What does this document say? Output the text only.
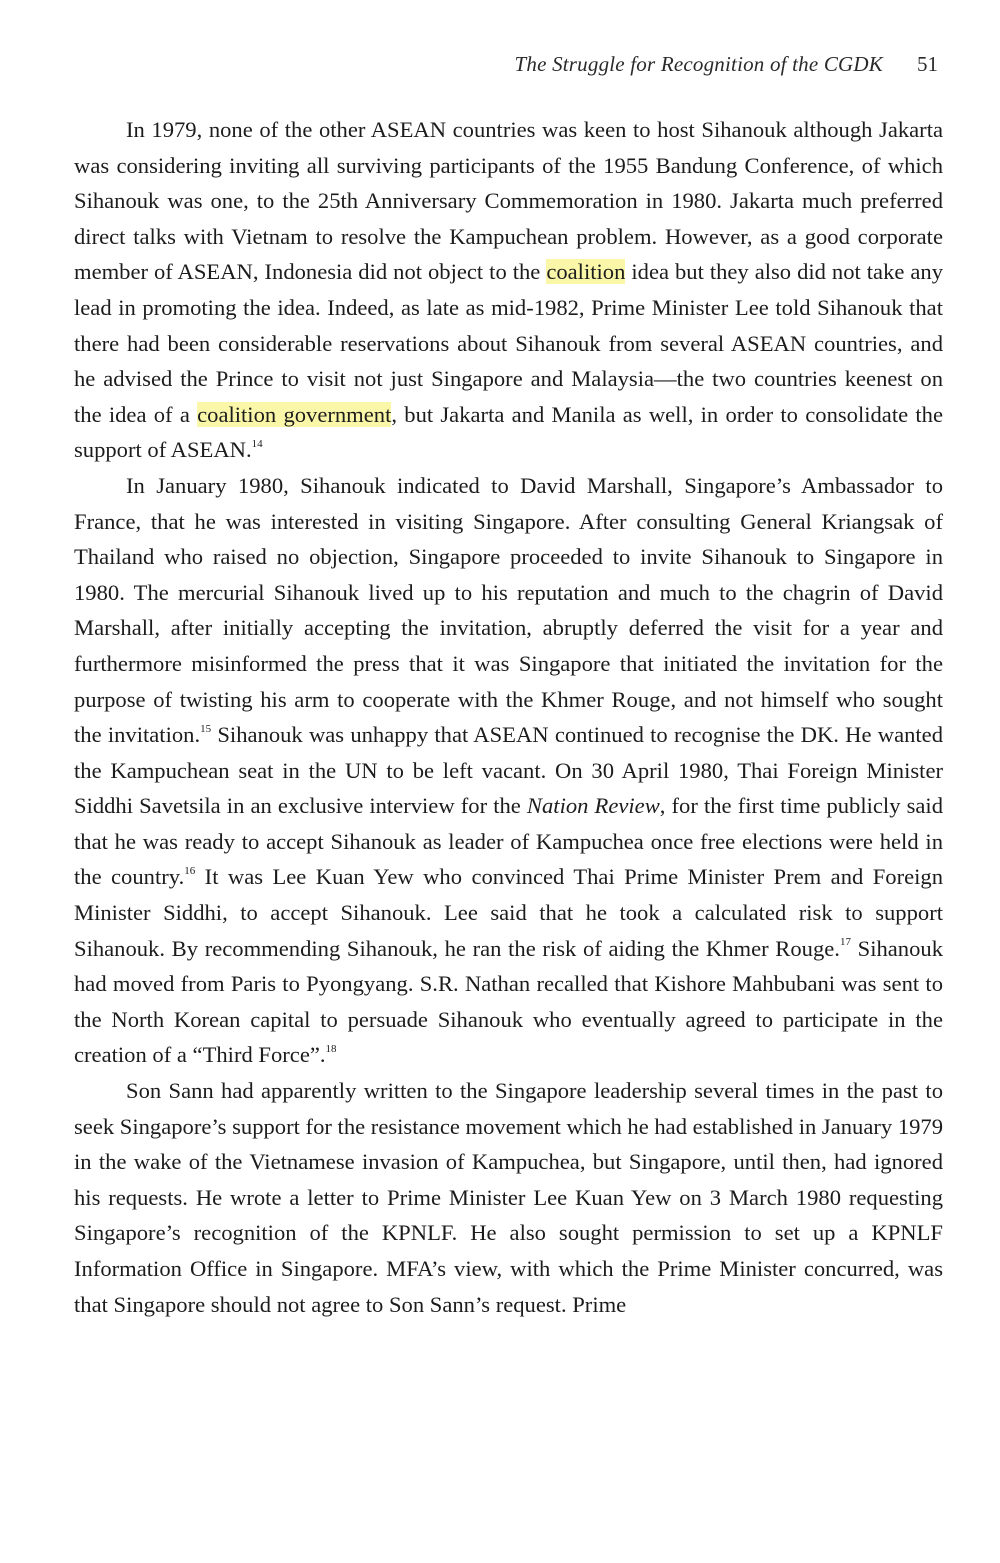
The Struggle for Recognition of the CGDK 51

In 1979, none of the other ASEAN countries was keen to host Sihanouk although Jakarta was considering inviting all surviving participants of the 1955 Bandung Conference, of which Sihanouk was one, to the 25th Anniversary Commemoration in 1980. Jakarta much preferred direct talks with Vietnam to resolve the Kampuchean problem. However, as a good corporate member of ASEAN, Indonesia did not object to the coalition idea but they also did not take any lead in promoting the idea. Indeed, as late as mid-1982, Prime Minister Lee told Sihanouk that there had been considerable reservations about Sihanouk from several ASEAN countries, and he advised the Prince to visit not just Singapore and Malaysia—the two countries keenest on the idea of a coalition government, but Jakarta and Manila as well, in order to consolidate the support of ASEAN.$^{14}$

In January 1980, Sihanouk indicated to David Marshall, Singapore’s Ambassador to France, that he was interested in visiting Singapore. After consulting General Kriangsak of Thailand who raised no objection, Singapore proceeded to invite Sihanouk to Singapore in 1980. The mercurial Sihanouk lived up to his reputation and much to the chagrin of David Marshall, after initially accepting the invitation, abruptly deferred the visit for a year and furthermore misinformed the press that it was Singapore that initiated the invitation for the purpose of twisting his arm to cooperate with the Khmer Rouge, and not himself who sought the invitation.$^{15}$ Sihanouk was unhappy that ASEAN continued to recognise the DK. He wanted the Kampuchean seat in the UN to be left vacant. On 30 April 1980, Thai Foreign Minister Siddhi Savetsila in an exclusive interview for the Nation Review, for the first time publicly said that he was ready to accept Sihanouk as leader of Kampuchea once free elections were held in the country.$^{16}$ It was Lee Kuan Yew who convinced Thai Prime Minister Prem and Foreign Minister Siddhi, to accept Sihanouk. Lee said that he took a calculated risk to support Sihanouk. By recommending Sihanouk, he ran the risk of aiding the Khmer Rouge.$^{17}$ Sihanouk had moved from Paris to Pyongyang. S.R. Nathan recalled that Kishore Mahbubani was sent to the North Korean capital to persuade Sihanouk who eventually agreed to participate in the creation of a “Third Force”.$^{18}$

Son Sann had apparently written to the Singapore leadership several times in the past to seek Singapore’s support for the resistance movement which he had established in January 1979 in the wake of the Vietnamese invasion of Kampuchea, but Singapore, until then, had ignored his requests. He wrote a letter to Prime Minister Lee Kuan Yew on 3 March 1980 requesting Singapore’s recognition of the KPNLF. He also sought permission to set up a KPNLF Information Office in Singapore. MFA’s view, with which the Prime Minister concurred, was that Singapore should not agree to Son Sann’s request. Prime
